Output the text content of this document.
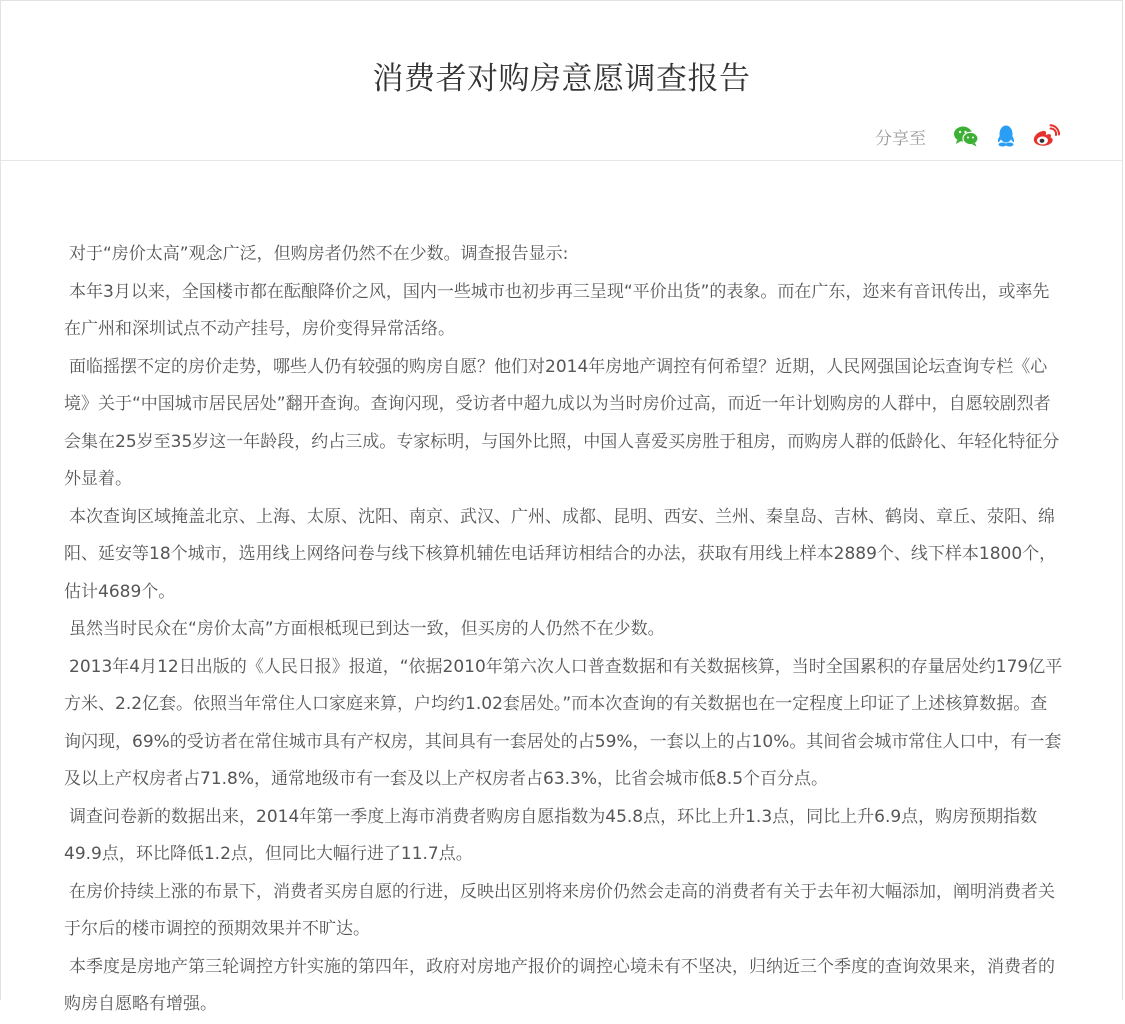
消费者对购房意愿调查报告
分享至

对于“房价太高”观念广泛，但购房者仍然不在少数。调查报告显示:

本年3月以来，全国楼市都在酝酿降价之风，国内一些城市也初步再三呈现“平价出货”的表象。而在广东，迩来有音讯传出，或率先在广州和深圳试点不动产挂号，房价变得异常活络。

面临摇摆不定的房价走势，哪些人仍有较强的购房自愿？他们对2014年房地产调控有何希望？近期，人民网强国论坛查询专栏《心境》关于“中国城市居民居处”翻开查询。查询闪现，受访者中超九成以为当时房价过高，而近一年计划购房的人群中，自愿较剧烈者会集在25岁至35岁这一年龄段，约占三成。专家标明，与国外比照，中国人喜爱买房胜于租房，而购房人群的低龄化、年轻化特征分外显着。

本次查询区域掩盖北京、上海、太原、沈阳、南京、武汉、广州、成都、昆明、西安、兰州、秦皇岛、吉林、鹤岗、章丘、荥阳、绵阳、延安等18个城市，选用线上网络问卷与线下核算机辅佐电话拜访相结合的办法，获取有用线上样本2889个、线下样本1800个，估计4689个。

虽然当时民众在“房价太高”方面根柢现已到达一致，但买房的人仍然不在少数。

2013年4月12日出版的《人民日报》报道，“依据2010年第六次人口普查数据和有关数据核算，当时全国累积的存量居处约179亿平方米、2.2亿套。依照当年常住人口家庭来算，户均约1.02套居处。”而本次查询的有关数据也在一定程度上印证了上述核算数据。查询闪现，69%的受访者在常住城市具有产权房，其间具有一套居处的占59%，一套以上的占10%。其间省会城市常住人口中，有一套及以上产权房者占71.8%，通常地级市有一套及以上产权房者占63.3%，比省会城市低8.5个百分点。

调查问卷新的数据出来，2014年第一季度上海市消费者购房自愿指数为45.8点，环比上升1.3点，同比上升6.9点，购房预期指数49.9点，环比降低1.2点，但同比大幅行进了11.7点。

在房价持续上涨的布景下，消费者买房自愿的行进，反映出区别将来房价仍然会走高的消费者有关于去年初大幅添加，阐明消费者关于尔后的楼市调控的预期效果并不旷达。

本季度是房地产第三轮调控方针实施的第四年，政府对房地产报价的调控心境未有不坚决，归纳近三个季度的查询效果来，消费者的购房自愿略有增强。
